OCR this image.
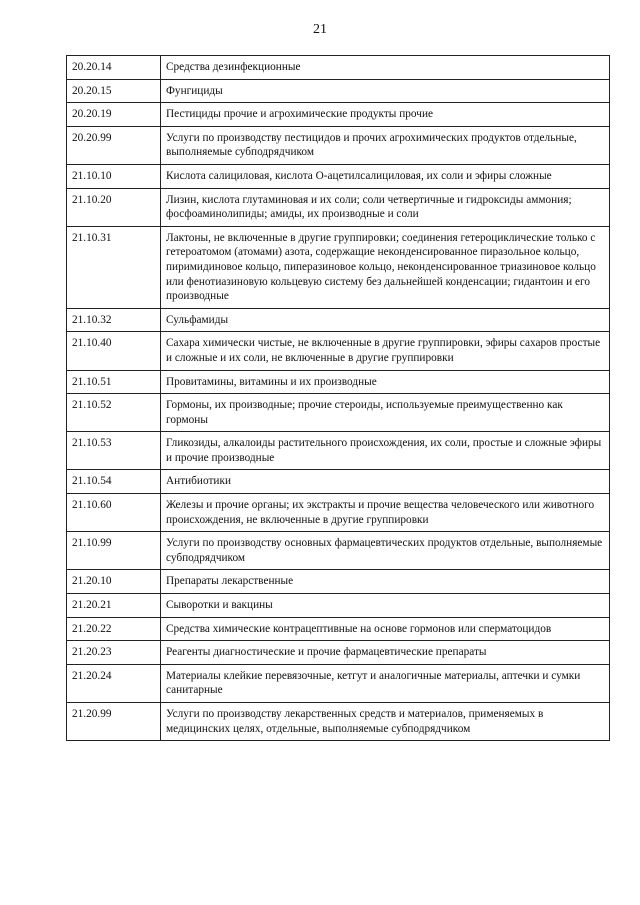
21
20.20.14	Средства дезинфекционные
20.20.15	Фунгициды
20.20.19	Пестициды прочие и агрохимические продукты прочие
20.20.99	Услуги по производству пестицидов и прочих агрохимических продуктов отдельные, выполняемые субподрядчиком
21.10.10	Кислота салициловая, кислота О-ацетилсалициловая, их соли и эфиры сложные
21.10.20	Лизин, кислота глутаминовая и их соли; соли четвертичные и гидроксиды аммония; фосфоаминолипиды; амиды, их производные и соли
21.10.31	Лактоны, не включенные в другие группировки; соединения гетероциклические только с гетероатомом (атомами) азота, содержащие неконденсированное пиразольное кольцо, пиримидиновое кольцо, пиперазиновое кольцо, неконденсированное триазиновое кольцо или фенотиазиновую кольцевую систему без дальнейшей конденсации; гидантоин и его производные
21.10.32	Сульфамиды
21.10.40	Сахара химически чистые, не включенные в другие группировки, эфиры сахаров простые и сложные и их соли, не включенные в другие группировки
21.10.51	Провитамины, витамины и их производные
21.10.52	Гормоны, их производные; прочие стероиды, используемые преимущественно как гормоны
21.10.53	Гликозиды, алкалоиды растительного происхождения, их соли, простые и сложные эфиры и прочие производные
21.10.54	Антибиотики
21.10.60	Железы и прочие органы; их экстракты и прочие вещества человеческого или животного происхождения, не включенные в другие группировки
21.10.99	Услуги по производству основных фармацевтических продуктов отдельные, выполняемые субподрядчиком
21.20.10	Препараты лекарственные
21.20.21	Сыворотки и вакцины
21.20.22	Средства химические контрацептивные на основе гормонов или сперматоцидов
21.20.23	Реагенты диагностические и прочие фармацевтические препараты
21.20.24	Материалы клейкие перевязочные, кетгут и аналогичные материалы, аптечки и сумки санитарные
21.20.99	Услуги по производству лекарственных средств и материалов, применяемых в медицинских целях, отдельные, выполняемые субподрядчиком
